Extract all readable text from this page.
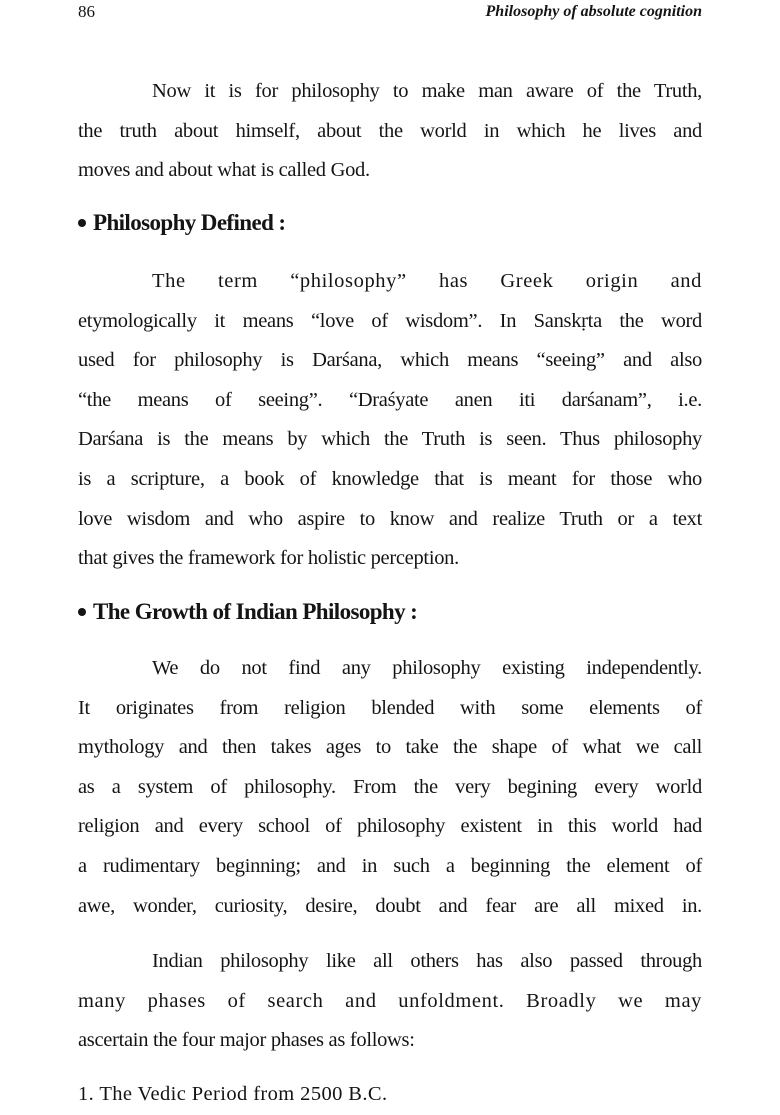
86	Philosophy of absolute cognition
Now it is for philosophy to make man aware of the Truth,
the truth about himself, about the world in which he lives and
moves and about what is called God.
Philosophy Defined :
The term “philosophy” has Greek origin and
etymologically it means “love of wisdom”. In Sanskṛta the word
used for philosophy is Darśana, which means “seeing” and also
“the means of seeing”. “Draśyate anen iti darśanam”, i.e.
Darśana is the means by which the Truth is seen. Thus philosophy
is a scripture, a book of knowledge that is meant for those who
love wisdom and who aspire to know and realize Truth or a text
that gives the framework for holistic perception.
The Growth of Indian Philosophy :
We do not find any philosophy existing independently.
It originates from religion blended with some elements of
mythology and then takes ages to take the shape of what we call
as a system of philosophy. From the very begining every world
religion and every school of philosophy existent in this world had
a rudimentary beginning; and in such a beginning the element of
awe, wonder, curiosity, desire, doubt and fear are all mixed in.
Indian philosophy like all others has also passed through
many phases of search and unfoldment. Broadly we may
ascertain the four major phases as follows:
1. The Vedic Period from 2500 B.C.
